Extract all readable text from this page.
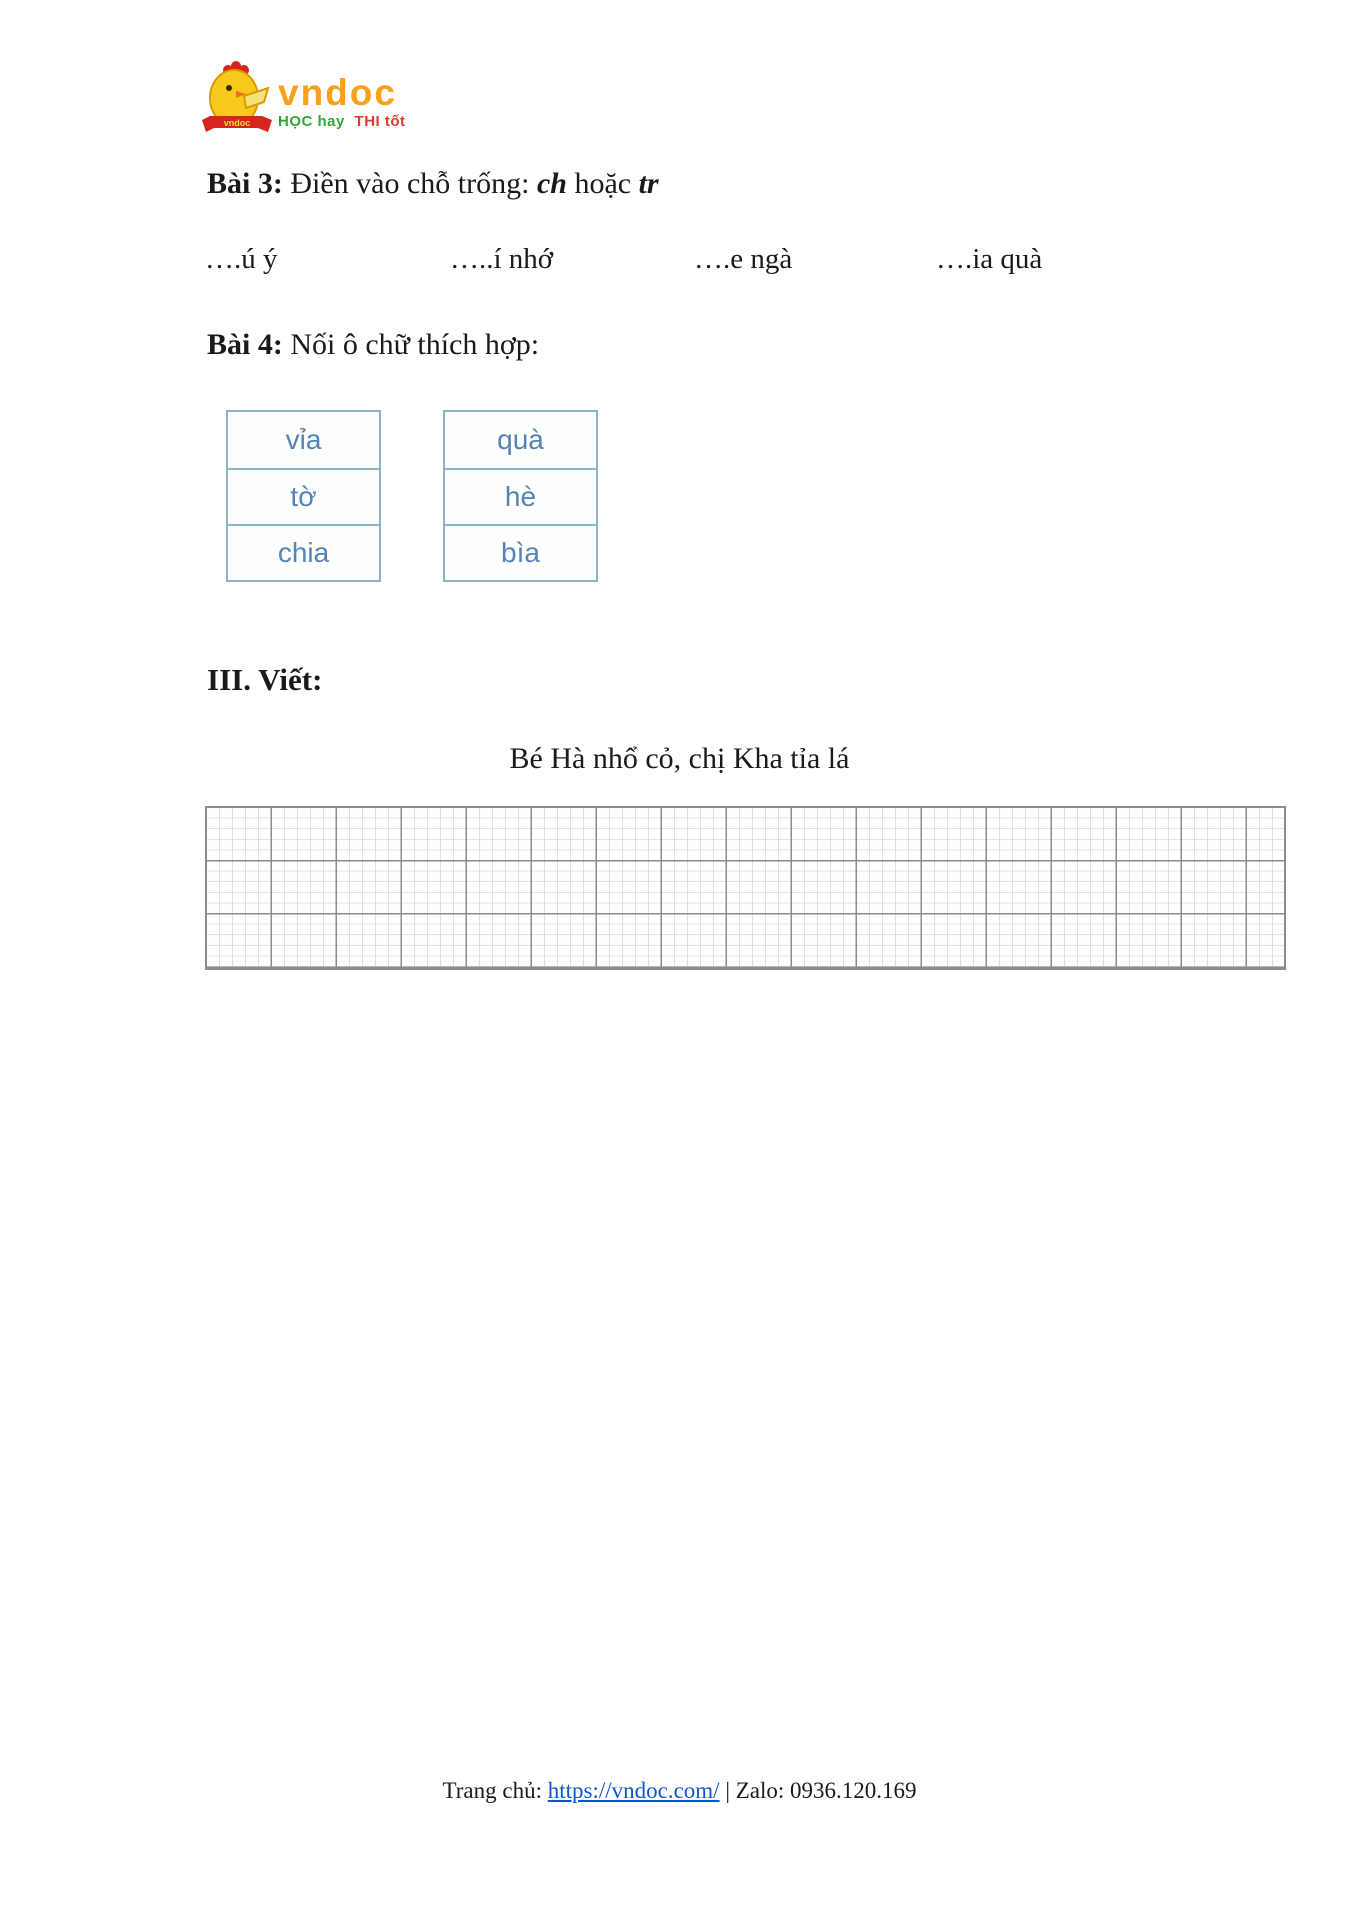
vndoc
vndoc
HỌC hay THI tốt
Bài 3: Điền vào chỗ trống: ch hoặc tr
….ú ý	…..í nhớ	….e ngà	….ia quà
Bài 4: Nối ô chữ thích hợp:
vỉa
tờ
chia
quà
hè
bìa
III. Viết:
Bé Hà nhổ cỏ, chị Kha tỉa lá
Trang chủ: https://vndoc.com/ | Zalo: 0936.120.169
